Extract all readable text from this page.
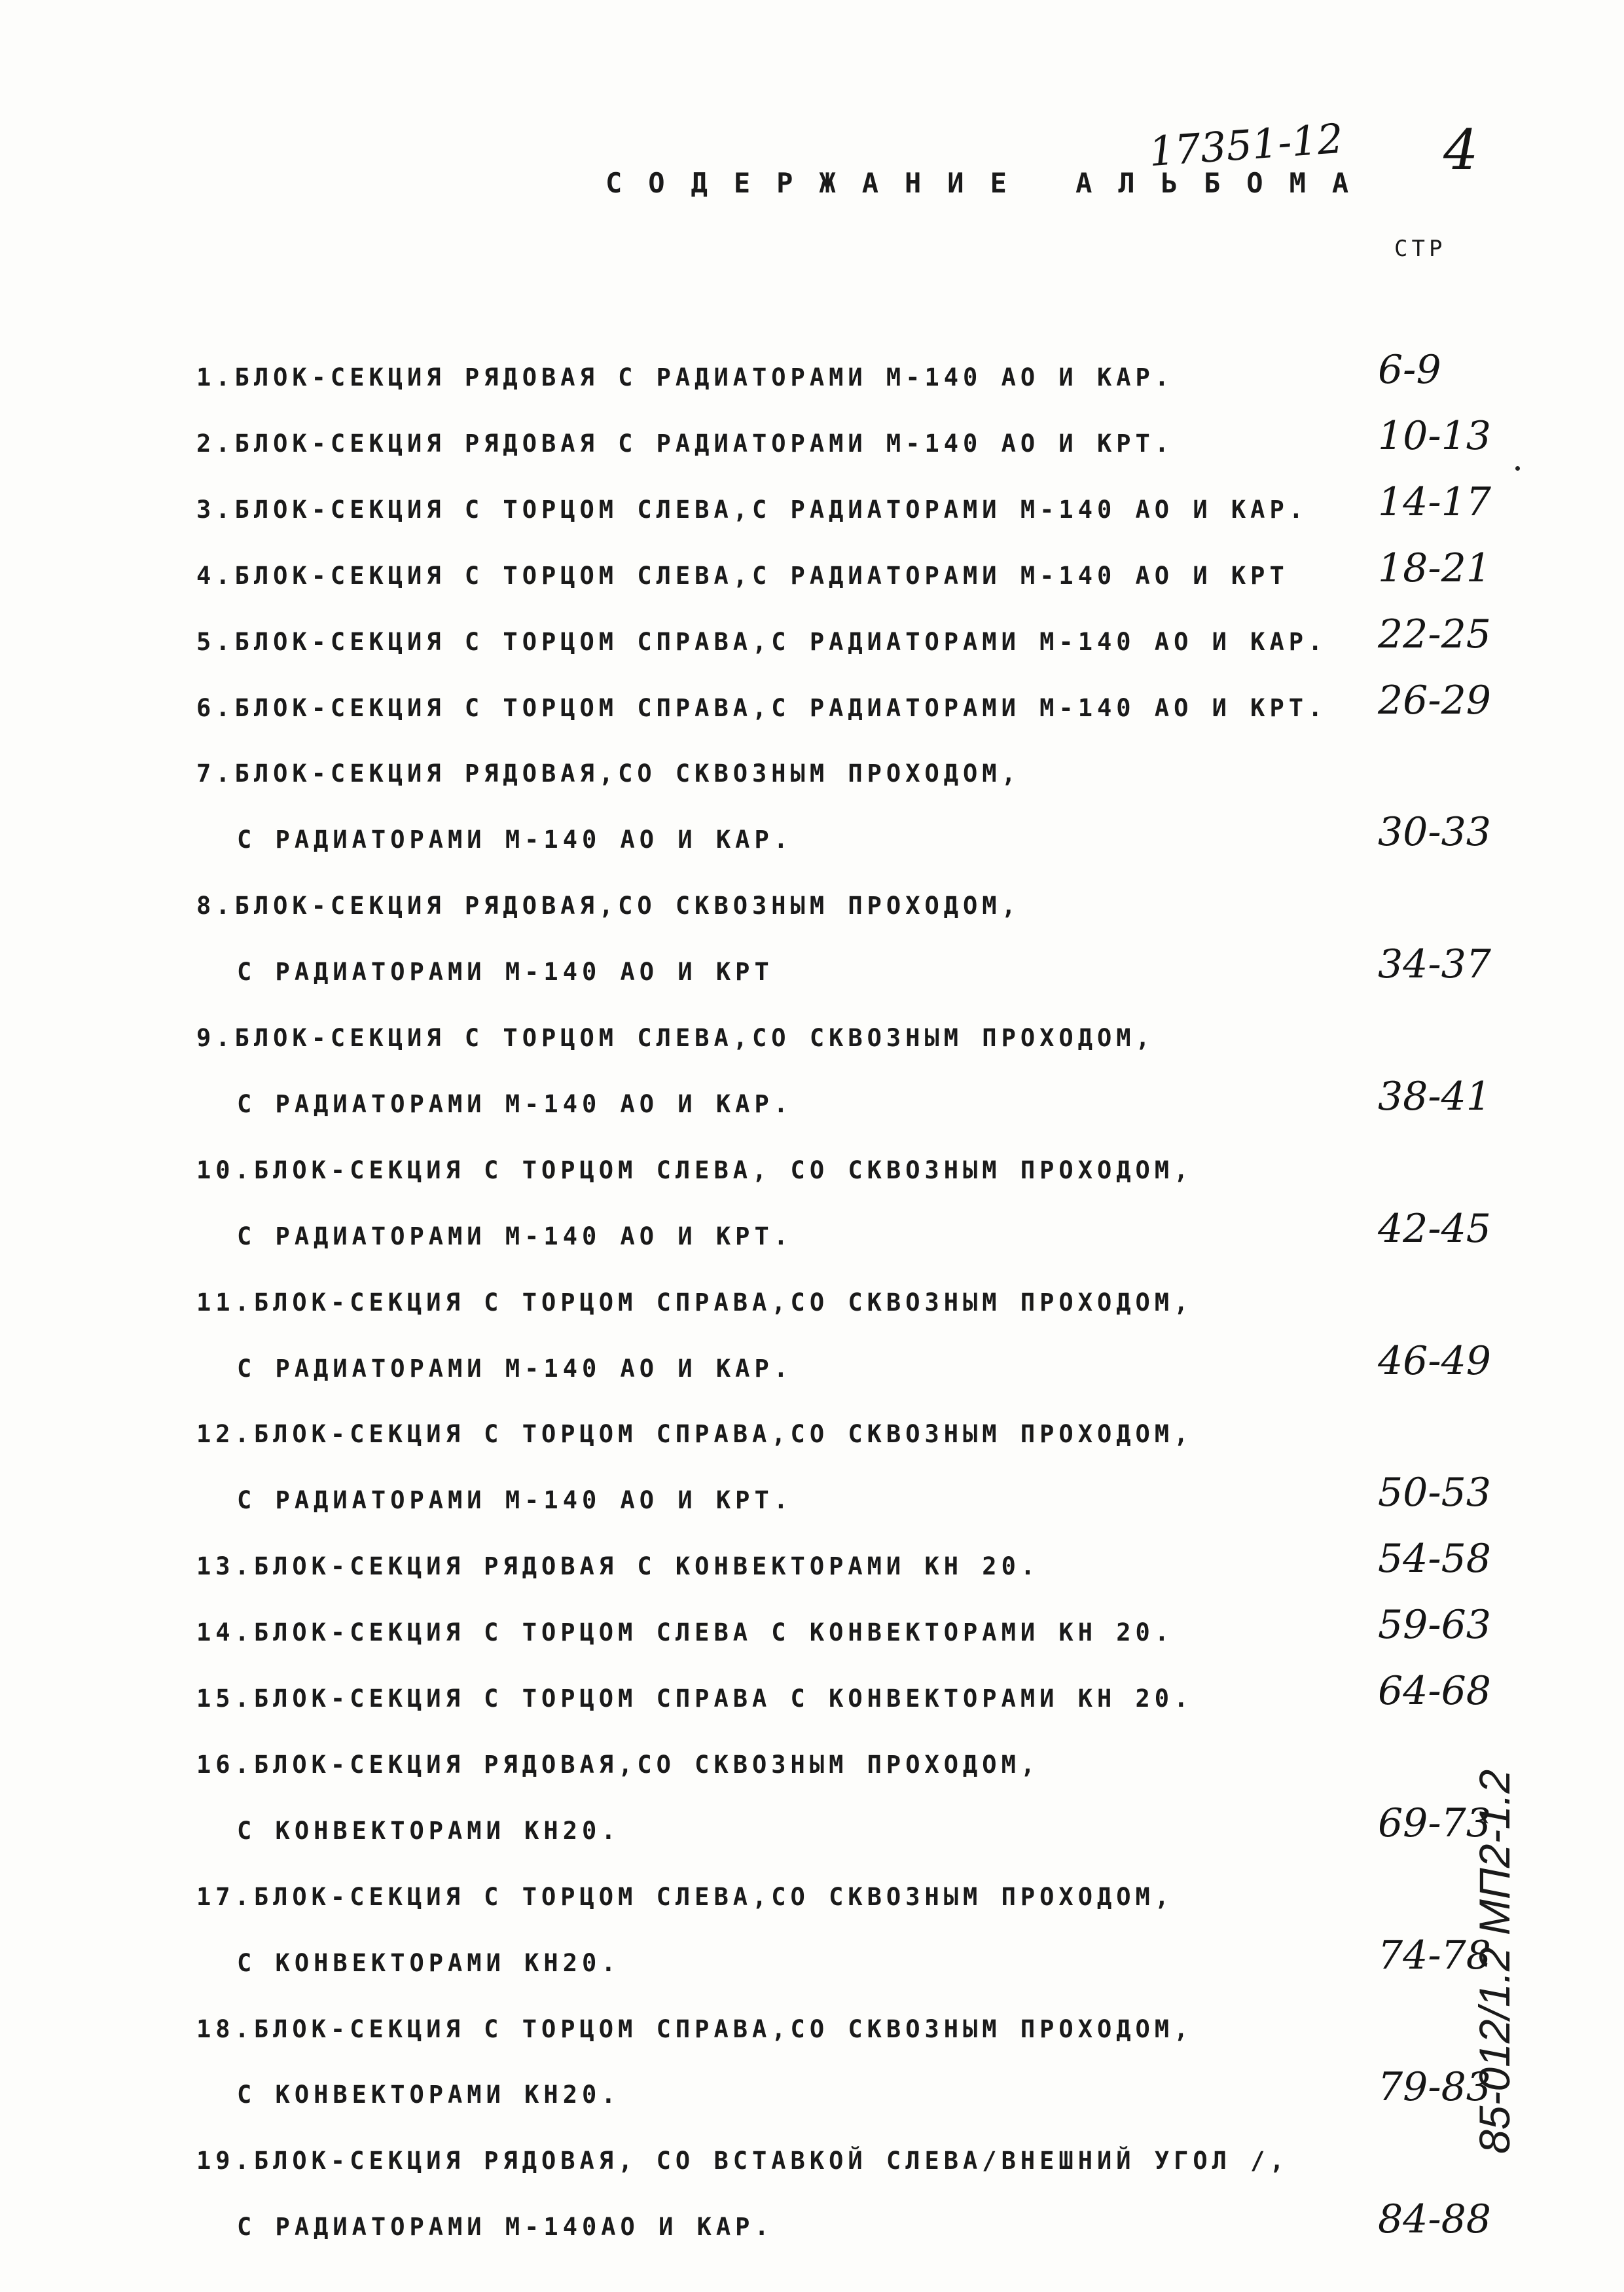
17351-12 4
СОДЕРЖАНИЕ АЛЬБОМА
СТР
1.БЛОК-СЕКЦИЯ РЯДОВАЯ С РАДИАТОРАМИ М-140 АО И КАР.	6-9
2.БЛОК-СЕКЦИЯ РЯДОВАЯ С РАДИАТОРАМИ М-140 АО И КРТ.	10-13
3.БЛОК-СЕКЦИЯ С ТОРЦОМ СЛЕВА,С РАДИАТОРАМИ М-140 АО И КАР. 14-17
4.БЛОК-СЕКЦИЯ С ТОРЦОМ СЛЕВА,С РАДИАТОРАМИ М-140 АО И КРТ 18-21
5.БЛОК-СЕКЦИЯ С ТОРЦОМ СПРАВА,С РАДИАТОРАМИ М-140 АО И КАР. 22-25
6.БЛОК-СЕКЦИЯ С ТОРЦОМ СПРАВА,С РАДИАТОРАМИ М-140 АО И КРТ. 26-29
7.БЛОК-СЕКЦИЯ РЯДОВАЯ,СО СКВОЗНЫМ ПРОХОДОМ,
С РАДИАТОРАМИ М-140 АО И КАР.	30-33
8.БЛОК-СЕКЦИЯ РЯДОВАЯ,СО СКВОЗНЫМ ПРОХОДОМ,
С РАДИАТОРАМИ М-140 АО И КРТ	34-37
9.БЛОК-СЕКЦИЯ С ТОРЦОМ СЛЕВА,СО СКВОЗНЫМ ПРОХОДОМ,
С РАДИАТОРАМИ М-140 АО И КАР.	38-41
10.БЛОК-СЕКЦИЯ С ТОРЦОМ СЛЕВА, СО СКВОЗНЫМ ПРОХОДОМ,
С РАДИАТОРАМИ М-140 АО И КРТ.	42-45
11.БЛОК-СЕКЦИЯ С ТОРЦОМ СПРАВА,СО СКВОЗНЫМ ПРОХОДОМ,
С РАДИАТОРАМИ М-140 АО И КАР.	46-49
12.БЛОК-СЕКЦИЯ С ТОРЦОМ СПРАВА,СО СКВОЗНЫМ ПРОХОДОМ,
С РАДИАТОРАМИ М-140 АО И КРТ.	50-53
13.БЛОК-СЕКЦИЯ РЯДОВАЯ С КОНВЕКТОРАМИ КН 20.	54-58
14.БЛОК-СЕКЦИЯ С ТОРЦОМ СЛЕВА С КОНВЕКТОРАМИ КН 20.	59-63
15.БЛОК-СЕКЦИЯ С ТОРЦОМ СПРАВА С КОНВЕКТОРАМИ КН 20.	64-68
16.БЛОК-СЕКЦИЯ РЯДОВАЯ,СО СКВОЗНЫМ ПРОХОДОМ,
С КОНВЕКТОРАМИ КН20.	69-73
17.БЛОК-СЕКЦИЯ С ТОРЦОМ СЛЕВА,СО СКВОЗНЫМ ПРОХОДОМ,
С КОНВЕКТОРАМИ КН20.	74-78
18.БЛОК-СЕКЦИЯ С ТОРЦОМ СПРАВА,СО СКВОЗНЫМ ПРОХОДОМ,
С КОНВЕКТОРАМИ КН20.	79-83
19.БЛОК-СЕКЦИЯ РЯДОВАЯ, СО ВСТАВКОЙ СЛЕВА/ВНЕШНИЙ УГОЛ /,
С РАДИАТОРАМИ М-140АО И КАР.	84-88
85-012/1.2 МП2-1.2
